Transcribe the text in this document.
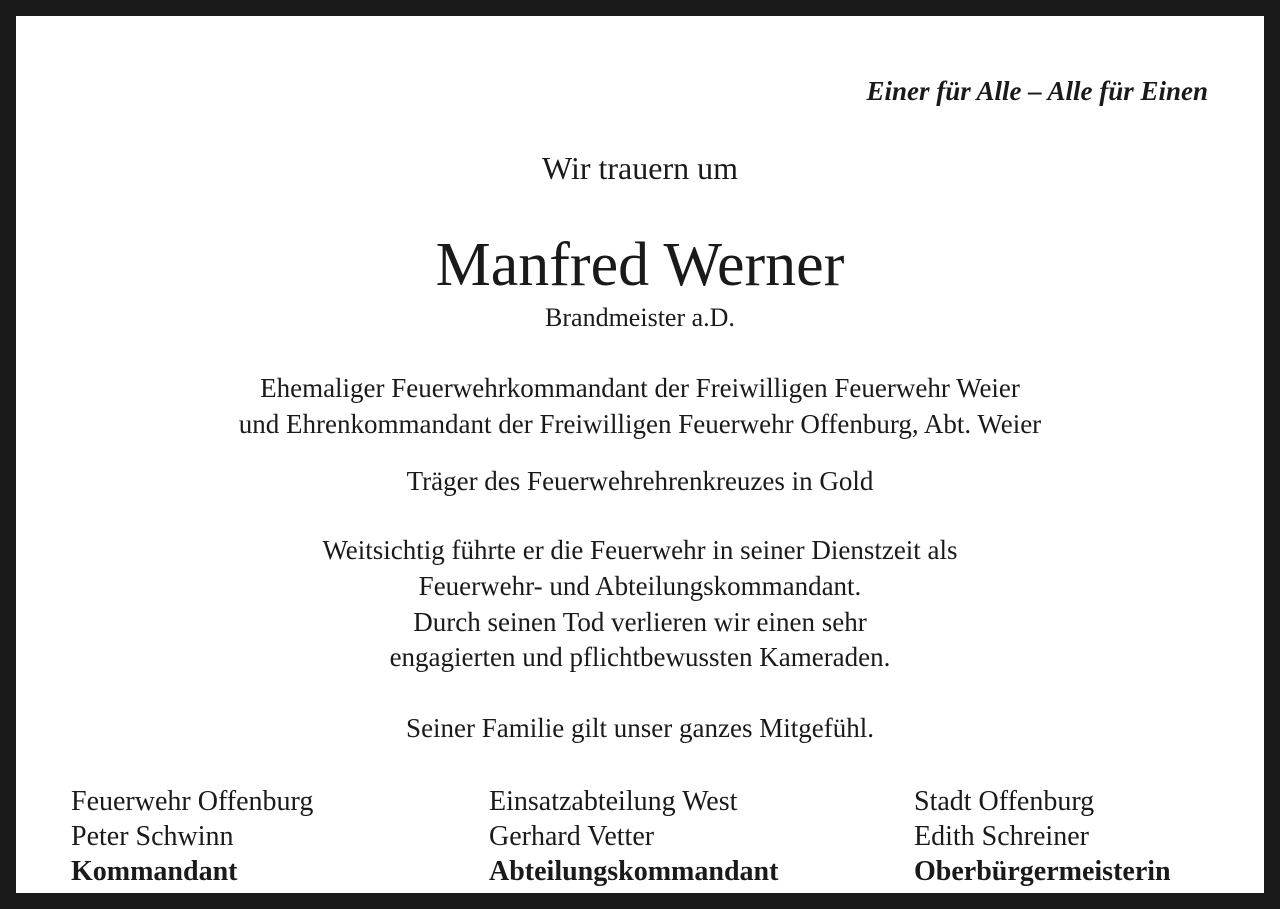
Einer für Alle – Alle für Einen
Wir trauern um
Manfred Werner
Brandmeister a.D.
Ehemaliger Feuerwehrkommandant der Freiwilligen Feuerwehr Weier
und Ehrenkommandant der Freiwilligen Feuerwehr Offenburg, Abt. Weier
Träger des Feuerwehrehrenkreuzes in Gold
Weitsichtig führte er die Feuerwehr in seiner Dienstzeit als
Feuerwehr- und Abteilungskommandant.
Durch seinen Tod verlieren wir einen sehr
engagierten und pflichtbewussten Kameraden.
Seiner Familie gilt unser ganzes Mitgefühl.
Feuerwehr Offenburg
Peter Schwinn
Kommandant
Einsatzabteilung West
Gerhard Vetter
Abteilungskommandant
Stadt Offenburg
Edith Schreiner
Oberbürgermeisterin
